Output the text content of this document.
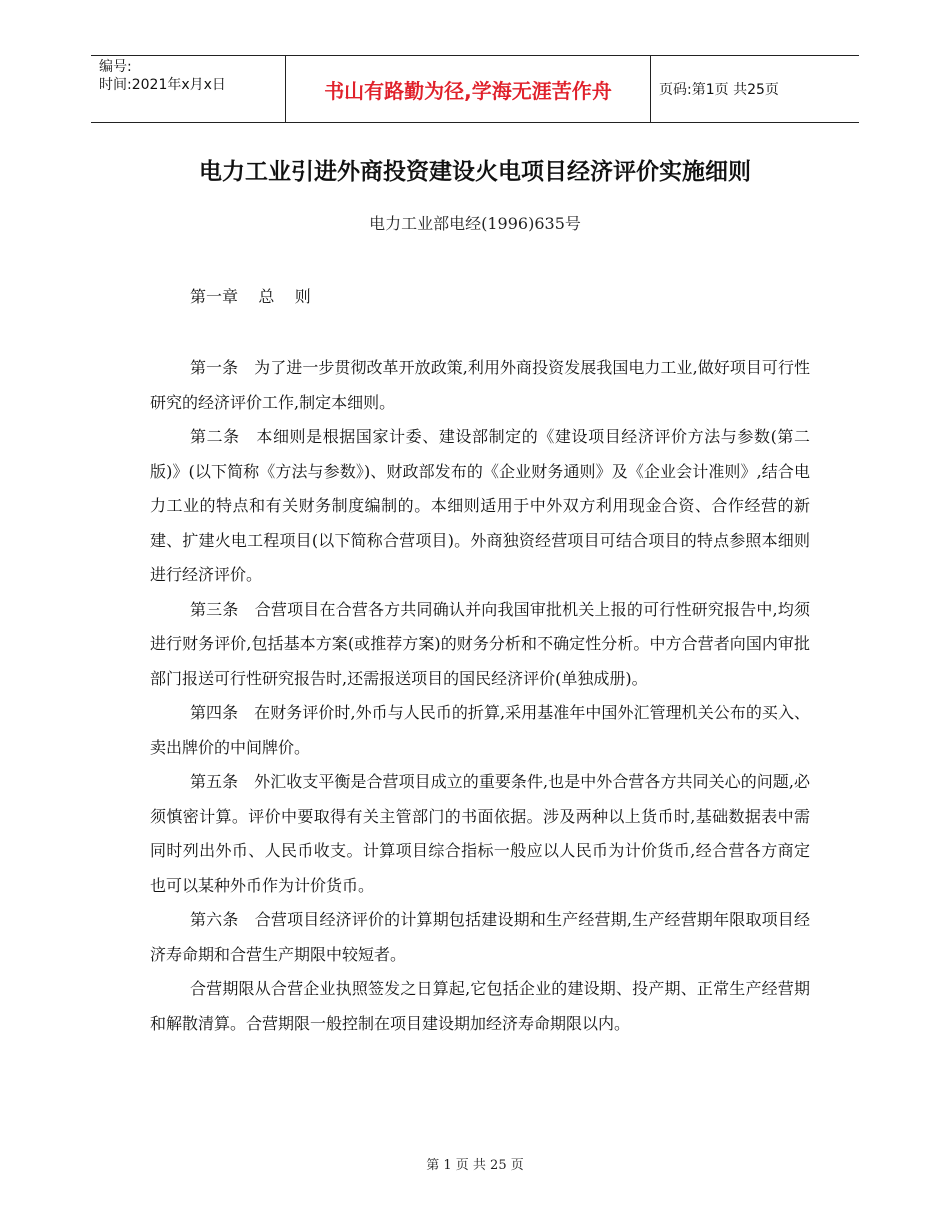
编号:
时间:2021年x月x日	书山有路勤为径,学海无涯苦作舟	页码:第1页 共25页
电力工业引进外商投资建设火电项目经济评价实施细则
电力工业部电经(1996)635号
第一章    总    则

第一条　为了进一步贯彻改革开放政策,利用外商投资发展我国电力工业,做好项目可行性研究的经济评价工作,制定本细则。

第二条　本细则是根据国家计委、建设部制定的《建设项目经济评价方法与参数(第二版)》(以下简称《方法与参数》)、财政部发布的《企业财务通则》及《企业会计准则》,结合电力工业的特点和有关财务制度编制的。本细则适用于中外双方利用现金合资、合作经营的新建、扩建火电工程项目(以下简称合营项目)。外商独资经营项目可结合项目的特点参照本细则进行经济评价。

第三条　合营项目在合营各方共同确认并向我国审批机关上报的可行性研究报告中,均须进行财务评价,包括基本方案(或推荐方案)的财务分析和不确定性分析。中方合营者向国内审批部门报送可行性研究报告时,还需报送项目的国民经济评价(单独成册)。

第四条　在财务评价时,外币与人民币的折算,采用基准年中国外汇管理机关公布的买入、卖出牌价的中间牌价。

第五条　外汇收支平衡是合营项目成立的重要条件,也是中外合营各方共同关心的问题,必须慎密计算。评价中要取得有关主管部门的书面依据。涉及两种以上货币时,基础数据表中需同时列出外币、人民币收支。计算项目综合指标一般应以人民币为计价货币,经合营各方商定也可以某种外币作为计价货币。

第六条　合营项目经济评价的计算期包括建设期和生产经营期,生产经营期年限取项目经济寿命期和合营生产期限中较短者。

合营期限从合营企业执照签发之日算起,它包括企业的建设期、投产期、正常生产经营期和解散清算。合营期限一般控制在项目建设期加经济寿命期限以内。

第 1 页 共 25 页
